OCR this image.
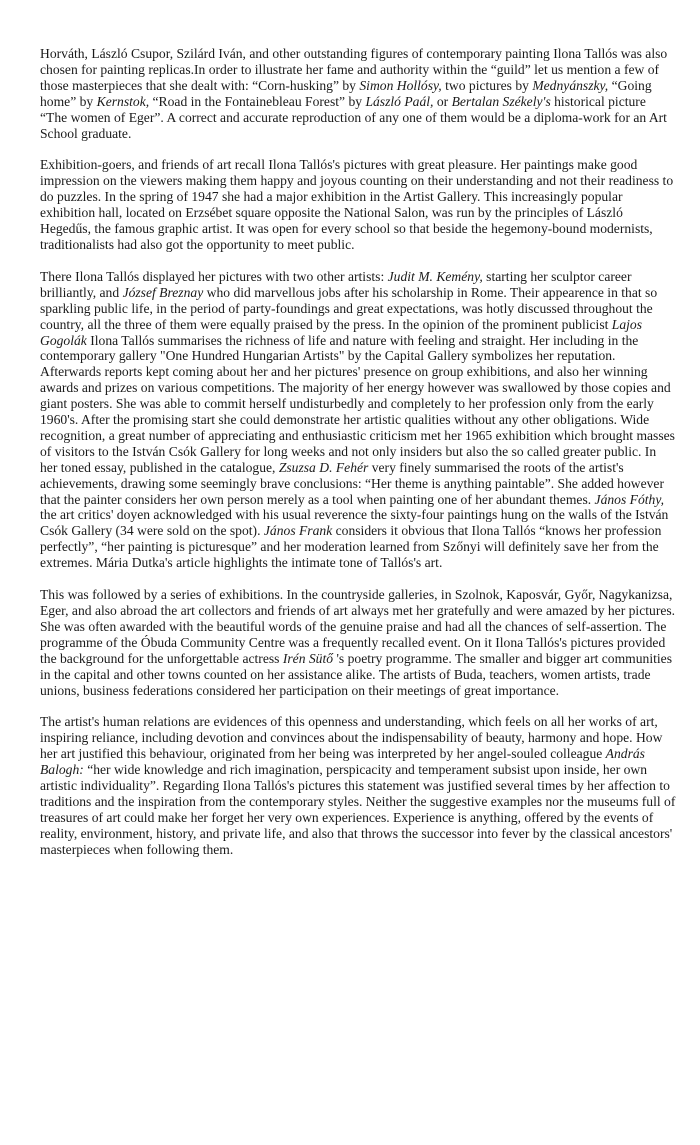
Horváth, László Csupor, Szilárd Iván, and other outstanding figures of contemporary painting Ilona Tallós was also chosen for painting replicas.In order to illustrate her fame and authority within the “guild” let us mention a few of those masterpieces that she dealt with: “Corn-husking” by Simon Hollósy, two pictures by Mednyánszky, “Going home” by Kernstok, “Road in the Fontainebleau Forest” by László Paál, or Bertalan Székely's historical picture “The women of Eger”. A correct and accurate reproduction of any one of them would be a diploma-work for an Art School graduate.

Exhibition-goers, and friends of art recall Ilona Tallós's pictures with great pleasure. Her paintings make good impression on the viewers making them happy and joyous counting on their understanding and not their readiness to do puzzles. In the spring of 1947 she had a major exhibition in the Artist Gallery. This increasingly popular exhibition hall, located on Erzsébet square opposite the National Salon, was run by the principles of László Hegedűs, the famous graphic artist. It was open for every school so that beside the hegemony-bound modernists, traditionalists had also got the opportunity to meet public.

There Ilona Tallós displayed her pictures with two other artists: Judit M. Kemény, starting her sculptor career brilliantly, and József Breznay who did marvellous jobs after his scholarship in Rome. Their appearence in that so sparkling public life, in the period of party-foundings and great expectations, was hotly discussed throughout the country, all the three of them were equally praised by the press. In the opinion of the prominent publicist Lajos Gogolák Ilona Tallós summarises the richness of life and nature with feeling and straight. Her including in the contemporary gallery "One Hundred Hungarian Artists" by the Capital Gallery symbolizes her reputation.

Afterwards reports kept coming about her and her pictures' presence on group exhibitions, and also her winning awards and prizes on various competitions. The majority of her energy however was swallowed by those copies and giant posters. She was able to commit herself undisturbedly and completely to her profession only from the early 1960's. After the promising start she could demonstrate her artistic qualities without any other obligations. Wide recognition, a great number of appreciating and enthusiastic criticism met her 1965 exhibition which brought masses of visitors to the István Csók Gallery for long weeks and not only insiders but also the so called greater public. In her toned essay, published in the catalogue, Zsuzsa D. Fehér very finely summarised the roots of the artist's achievements, drawing some seemingly brave conclusions: “Her theme is anything paintable”. She added however that the painter considers her own person merely as a tool when painting one of her abundant themes. János Fóthy, the art critics' doyen acknowledged with his usual reverence the sixty-four paintings hung on the walls of the István Csók Gallery (34 were sold on the spot). János Frank considers it obvious that Ilona Tallós “knows her profession perfectly”, “her painting is picturesque” and her moderation learned from Szőnyi will definitely save her from the extremes. Mária Dutka's article highlights the intimate tone of Tallós's art.

This was followed by a series of exhibitions. In the countryside galleries, in Szolnok, Kaposvár, Győr, Nagykanizsa, Eger, and also abroad the art collectors and friends of art always met her gratefully and were amazed by her pictures. She was often awarded with the beautiful words of the genuine praise and had all the chances of self-assertion. The programme of the Óbuda Community Centre was a frequently recalled event. On it Ilona Tallós's pictures provided the background for the unforgettable actress Irén Sütő 's poetry programme. The smaller and bigger art communities in the capital and other towns counted on her assistance alike. The artists of Buda, teachers, women artists, trade unions, business federations considered her participation on their meetings of great importance.

The artist's human relations are evidences of this openness and understanding, which feels on all her works of art, inspiring reliance, including devotion and convinces about the indispensability of beauty, harmony and hope. How her art justified this behaviour, originated from her being was interpreted by her angel-souled colleague András Balogh: “her wide knowledge and rich imagination, perspicacity and temperament subsist upon inside, her own artistic individuality”. Regarding Ilona Tallós's pictures this statement was justified several times by her affection to traditions and the inspiration from the contemporary styles. Neither the suggestive examples nor the museums full of treasures of art could make her forget her very own experiences. Experience is anything, offered by the events of reality, environment, history, and private life, and also that throws the successor into fever by the classical ancestors' masterpieces when following them.
